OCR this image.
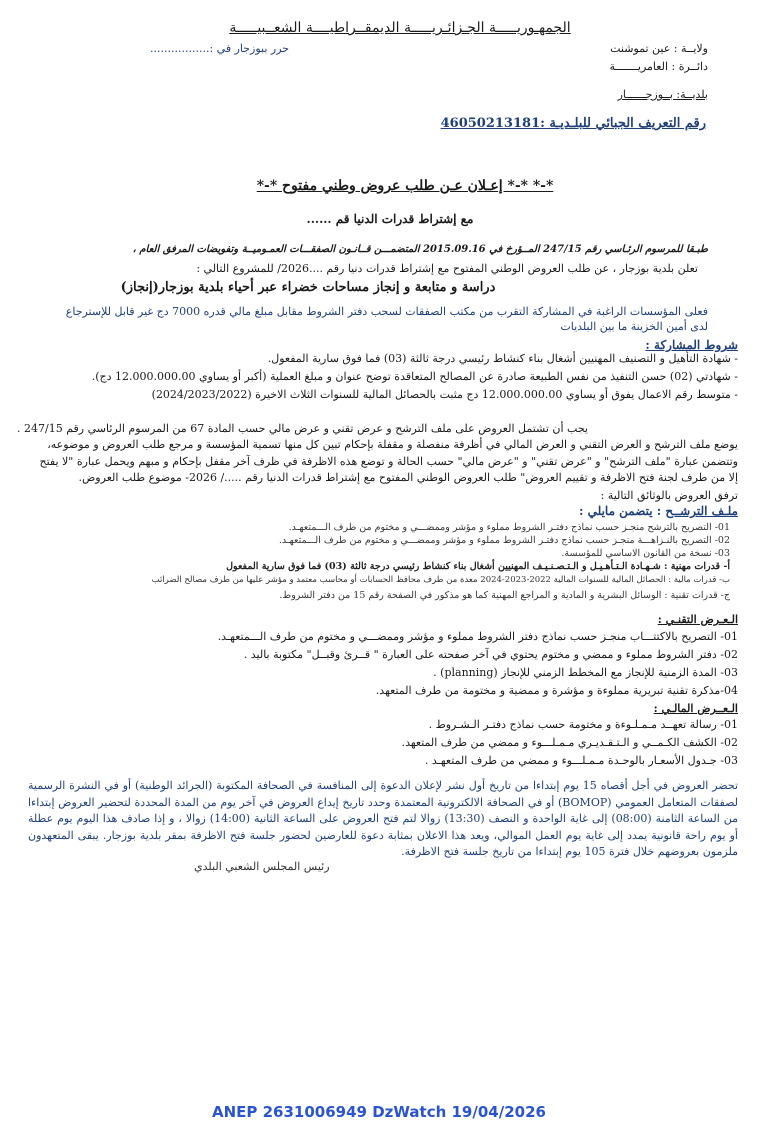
الجمهـوريـــــة الجـزائـريـــــة الديمقــراطيــــة الشعــبيـــــة
ولايــة : عين تموشنت
دائــرة : العامريـــــــة
بلديــة: بــوزجــــــار
حرر ببوزجار في :.................
رقم التعريف الجبائي للبلـديـة :46050213181
*-* *-* إعـلان عـن طلب عروض وطني مفتوح *-*
مع إشتراط قدرات الدنيا قم ......
طبـقا للمرسوم الرئـاسي رقم 247/15 المــؤرخ في 2015.09.16 المتضمـــن قــانـون الصفقـــات العمـوميــة وتفويضات المرفق العام ،
تعلن بلدية بوزجار ، عن طلب العروض الوطني المفتوح مع إشتراط قدرات دنيا رقم ....2026/ للمشروع التالي :
دراسة و متابعة و إنجاز مساحات خضراء عبر أحياء بلدية بوزجار(إنجاز)
فعلى المؤسسات الراغبة في المشاركة التقرب من مكتب الصفقات لسحب دفتر الشروط مقابل مبلغ مالي قدره 7000 دج غير قابل للإسترجاع لدى أمين الخزينة ما بين البلديات
شروط المشاركة :
- شهادة التأهيل و التصنيف المهنيين أشغال بناء كنشاط رئيسي درجة ثالثة (03) فما فوق سارية المفعول.
- شهادتي (02) حسن التنفيذ من نفس الطبيعة صادرة عن المصالح المتعاقدة توضح عنوان و مبلغ العملية (أكبر أو يساوي 12.000.000.00 دج).
- متوسط رقم الاعمال يفوق أو يساوي 12.000.000.00 دج مثبت بالحصائل المالية للسنوات الثلاث الاخيرة (2024/2023/2022)
يجب أن تشتمل العروض على ملف الترشح و عرض تقني و عرض مالي حسب المادة 67 من المرسوم الرئاسي رقم 247/15 .
يوضع ملف الترشح و العرض التقني و العرض المالي في أظرفة منفصلة و مقفلة بإحكام تبين كل منها تسمية المؤسسة و مرجع طلب العروض و موضوعه،
وتتضمن عبارة "ملف الترشح" و "عرض تقني" و "عرض مالي" حسب الحالة و توضع هذه الاظرفة في ظرف آخر مقفل بإحكام و مبهم ويحمل عبارة "لا يفتح
إلا من طرف لجنة فتح الاظرفة و تقييم العروض" طلب العروض الوطني المفتوح مع إشتراط قدرات الدنيا رقم ...../ 2026- موضوع طلب العروض.
ترفق العروض بالوثائق التالية :
ملـف الترشــح : يتضمن مايلي :
01- التصريح بالترشح منجـز حسب نماذج دفتـر الشروط مملوء و مؤشر وممضـــي و مختوم من طرف الـــمتعهـد.
02- التصريح بالنـزاهـــة منجـز حسب نماذج دفتـر الشروط مملوء و مؤشر وممضـــي و مختوم من طرف الـــمتعهـد.
03- نسخة من القانون الاساسي للمؤسسة.
أ- قدرات مهنية : شـهـادة الـتـأهـيـل و الـتـصـنـيـف المهنيين أشغال بناء كنشاط رئيسي درجة ثالثة (03) فما فوق سارية المفعول
ب- قدرات مالية : الحصائل المالية للسنوات المالية 2022-2023-2024 معدة من طرف محافظ الحسابات أو محاسب معتمد و مؤشر عليها من طرف مصالح الضرائب
ج- قدرات تقنية : الوسائل البشرية و المادية و المراجع المهنية كما هو مذكور في الصفحة رقم 15 من دفتر الشروط.
الـعـرض التقنـي :
01- التصريح بالاكتتـــاب منجـز حسب نماذج دفتر الشروط مملوء و مؤشر وممضـــي و مختوم من طرف الـــمتعهـد.
02- دفتر الشروط مملوء و ممضي و مختوم يحتوي في آخر صفحته على العبارة " قــرئ وقبــل" مكتوبة باليد .
03- المدة الزمنية للإنجاز مع المخطط الزمني للإنجاز (planning) .
04-مذكرة تقنية تبريرية مملوءة و مؤشرة و ممضية و مختومة من طرف المتعهد.
الـعــرض المالـي :
01- رسالة تعهــد مـمـلـوءة و مختومة حسب نماذج دفتـر الـشـروط .
02- الكشف الكـمــي و الـتـقـديـري مـمـلـــوء و ممضي من طرف المتعهد.
03- جـدول الأسعـار بالوحـدة مـمـلـــوء و ممضي من طرف المتعهـد .
تحضر العروض في أجل أقصاه 15 يوم إبتداءا من تاريخ أول نشر لإعلان الدعوة إلى المنافسة في الصحافة المكتوبة (الجرائد الوطنية) أو في النشرة الرسمية لصفقات المتعامل العمومي (BOMOP) أو في الصحافة الالكترونية المعتمدة وحدد تاريخ إيداع العروض في آخر يوم من المدة المحددة لتحضير العروض إبتداءا من الساعة الثامنة (08:00) إلى غاية الواحدة و النصف (13:30) زوالا لتم فتح العروض على الساعة الثانية (14:00) زوالا ، و إذا صادف هذا اليوم يوم عطلة أو يوم راحة قانونية يمدد إلى غاية يوم العمل الموالي، ويعد هذا الاعلان بمثابة دعوة للعارضين لحضور جلسة فتح الاظرفة بمقر بلدية بوزجار. يبقى المتعهدون ملزمون بعروضهم خلال فترة 105 يوم إبتداءا من تاريخ جلسة فتح الاظرفة.
رئيس المجلس الشعبي البلدي
ANEP 2631006949 DzWatch 19/04/2026
